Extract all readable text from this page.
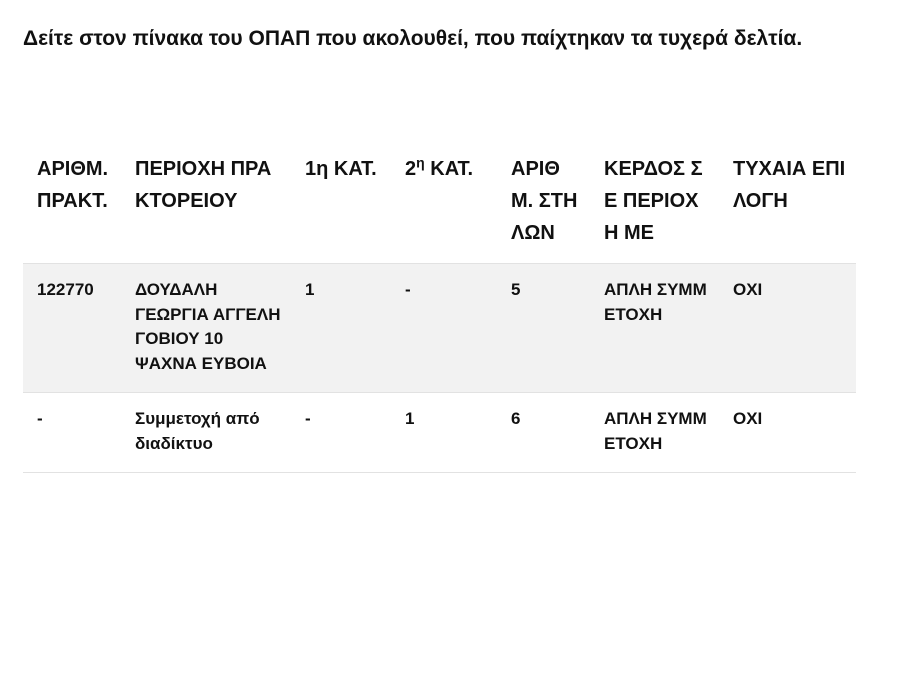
Δείτε στον πίνακα του ΟΠΑΠ που ακολουθεί, που παίχτηκαν τα τυχερά δελτία.

ΑΡΙΘΜ. ΠΡΑΚΤ.	ΠΕΡΙΟΧΗ ΠΡΑΚΤΟΡΕΙΟΥ	1η ΚΑΤ.	$2^\eta$ ΚΑΤ.	ΑΡΙΘΜ. ΣΤΗΛΩΝ	ΚΕΡΔΟΣ ΣΕ ΠΕΡΙΟΧΗ ΜΕ	ΤΥΧΑΙΑ ΕΠΙΛΟΓΗ
122770	ΔΟΥΔΑΛΗ ΓΕΩΡΓΙΑ ΑΓΓΕΛΗ ΓΟΒΙΟΥ 10 ΨΑΧΝΑ ΕΥΒΟΙΑ	1	-	5	ΑΠΛΗ ΣΥΜΜΕΤΟΧΗ	ΟΧΙ
-	Συμμετοχή από διαδίκτυο	-	1	6	ΑΠΛΗ ΣΥΜΜΕΤΟΧΗ	ΟΧΙ
